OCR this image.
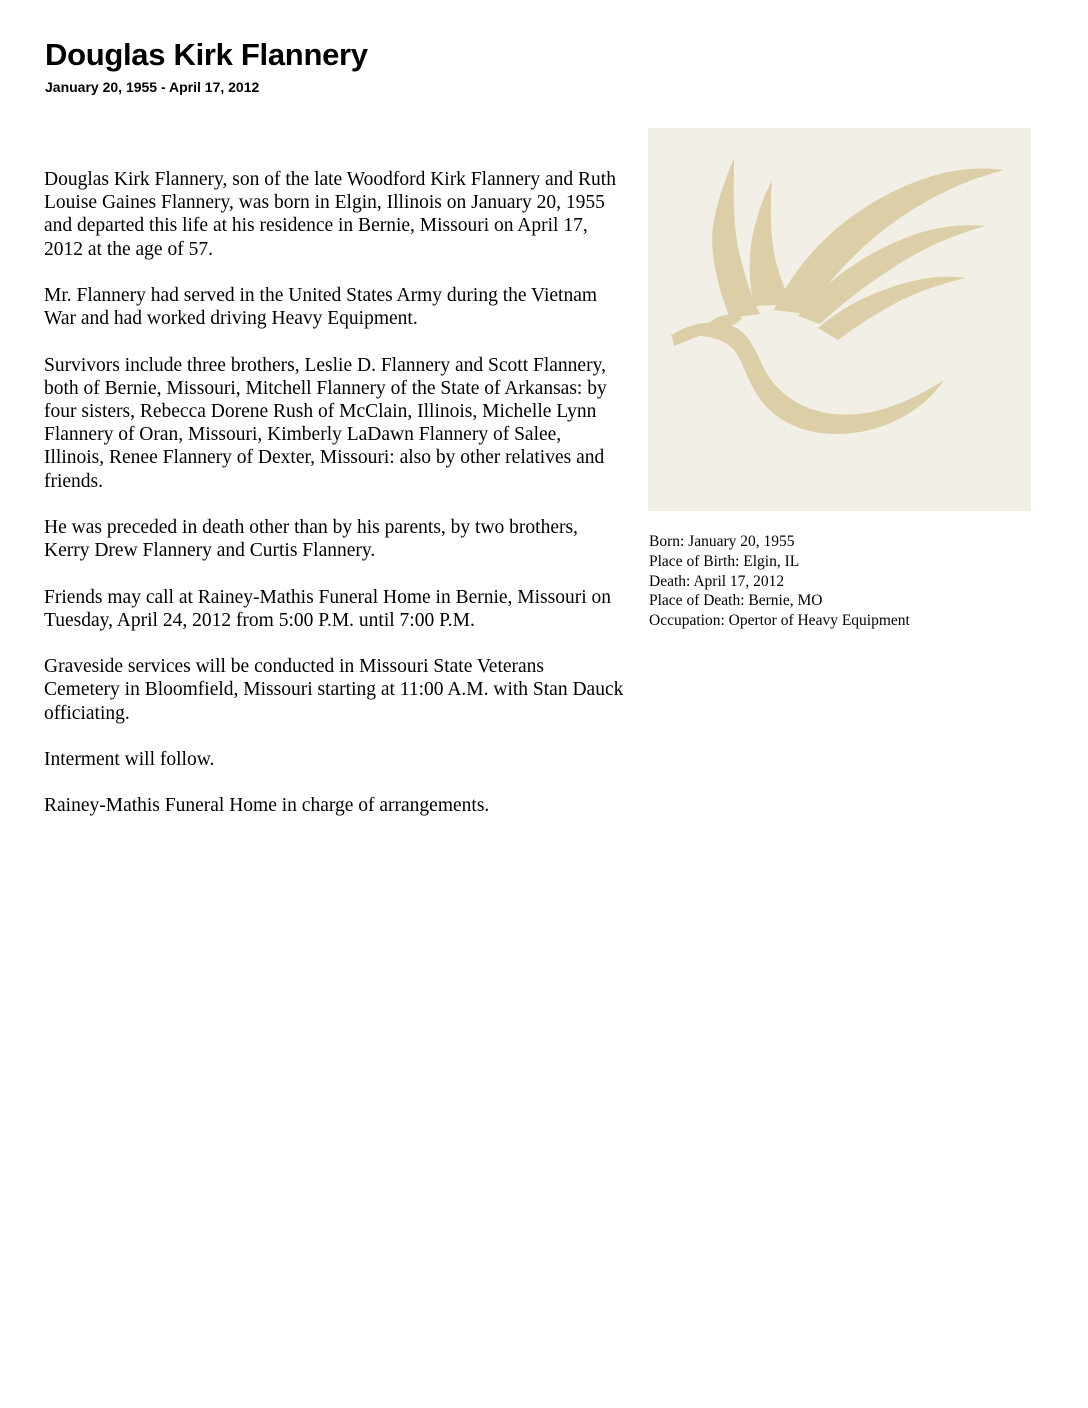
Douglas Kirk Flannery
January 20, 1955 - April 17, 2012

Douglas Kirk Flannery, son of the late Woodford Kirk Flannery and Ruth Louise Gaines Flannery, was born in Elgin, Illinois on January 20, 1955 and departed this life at his residence in Bernie, Missouri on April 17, 2012 at the age of 57.

Mr. Flannery had served in the United States Army during the Vietnam War and had worked driving Heavy Equipment.

Survivors include three brothers, Leslie D. Flannery and Scott Flannery, both of Bernie, Missouri, Mitchell Flannery of the State of Arkansas: by four sisters, Rebecca Dorene Rush of McClain, Illinois, Michelle Lynn Flannery of Oran, Missouri, Kimberly LaDawn Flannery of Salee, Illinois, Renee Flannery of Dexter, Missouri: also by other relatives and friends.

He was preceded in death other than by his parents, by two brothers, Kerry Drew Flannery and Curtis Flannery.

Friends may call at Rainey-Mathis Funeral Home in Bernie, Missouri on Tuesday, April 24, 2012 from 5:00 P.M. until 7:00 P.M.

Graveside services will be conducted in Missouri State Veterans Cemetery in Bloomfield, Missouri starting at 11:00 A.M. with Stan Dauck officiating.

Interment will follow.

Rainey-Mathis Funeral Home in charge of arrangements.

Born: January 20, 1955
Place of Birth: Elgin, IL
Death: April 17, 2012
Place of Death: Bernie, MO
Occupation: Opertor of Heavy Equipment
